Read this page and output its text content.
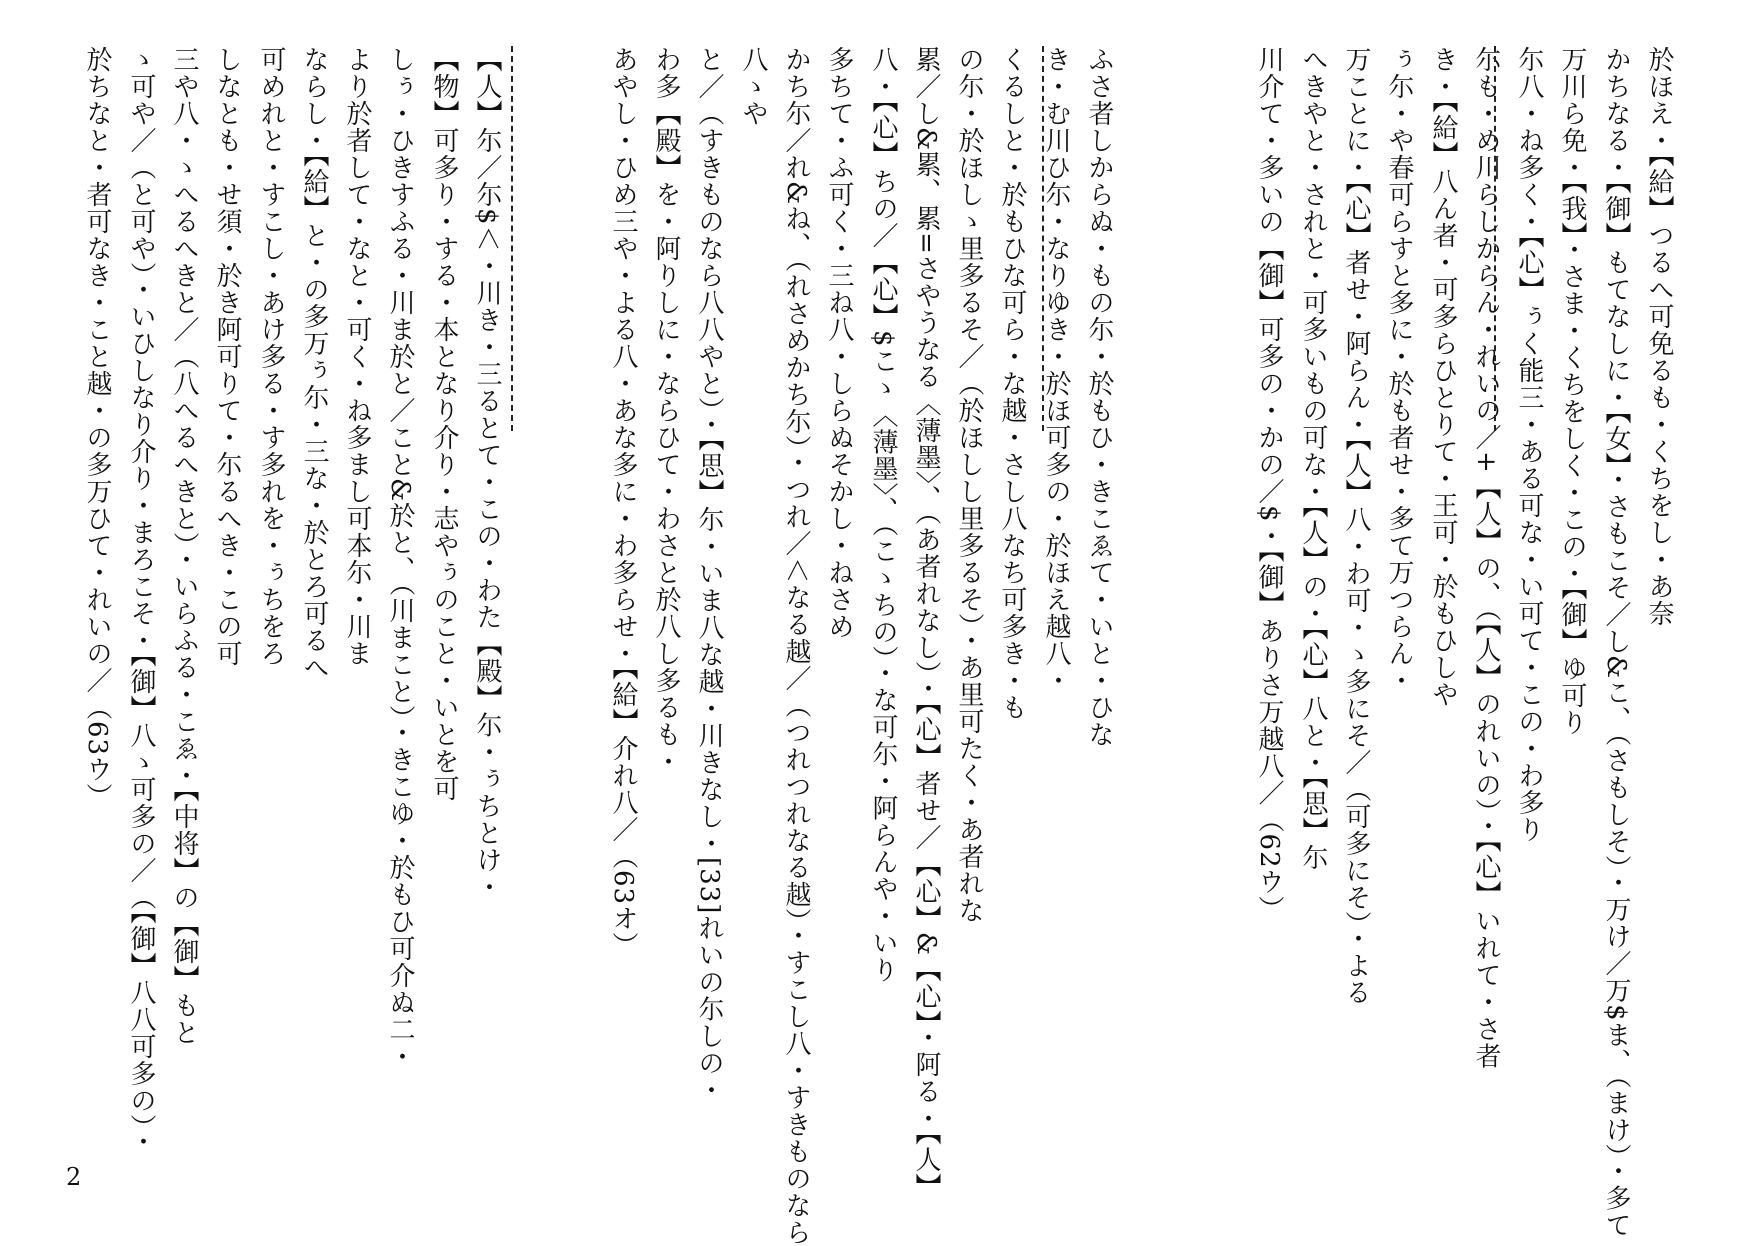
於ほえ・【給】つるへ可免るも・くちをし・あ奈
かちなる・【御】もてなしに・【女】・さもこそ／し&こ、（さもしそ）・万け／万$ま、（まけ）・多て
万川ら免・【我】・さま・くちをしく・この・【御】ゆ可り
尓八・ね多く・【心】ぅく能三・ある可な・い可て・この・わ多り
尓も・め川らしからん・れいの／+【人】の、（【人】のれいの）・【心】いれて・さ者
き・【給】八ん者・可多らひとりて・王可・於もひしや
ぅ尓・や春可らすと多に・於も者せ・多て万つらん・
万ことに・【心】者せ・阿らん・【人】八・わ可・ゝ多にそ／（可多にそ）・よる
へきやと・されと・可多いもの可な・【人】の・【心】八と・【思】尓
川介て・多いの【御】可多の・かの／$・【御】ありさ万越八／（62ウ）
ふさ者しからぬ・もの尓・於もひ・きこゑて・いと・ひな
き・む川ひ尓・なりゆき・於ほ可多の・於ほえ越八・
くるしと・於もひな可ら・な越・さし八なち可多き・も
の尓・於ほしゝ里多るそ／（於ほしし里多るそ）・あ里可たく・あ者れな
累／し&累、累=さやうなる〈薄墨〉、（あ者れなし）・【心】者せ／【心】&【心】・阿る・【人】
八・【心】ちの／【心】$こゝ〈薄墨〉、（こゝちの）・な可尓・阿らんや・いり
多ちて・ふ可く・三ね八・しらぬそかし・ねさめ
かち尓／れ&ね、（れさめかち尓）・つれ／＜なる越／（つれつれなる越）・すこし八・すきものなら
八ゝや
と／（すきものなら八八やと）・【思】尓・いま八な越・川きなし・[33]れいの尓しの・
わ多【殿】を・阿りしに・ならひて・わさと於八し多るも・
あやし・ひめ三や・よる八・あな多に・わ多らせ・【給】介れ八／（63オ）
【人】尓／尓$＜・川き・三るとて・この・わた【殿】尓・ぅちとけ・
【物】可多り・する・本となり介り・志やぅのこと・いとを可
しぅ・ひきすふる・川ま於と／こと&於と、（川まこと）・きこゆ・於もひ可介ぬ二・
より於者して・なと・可く・ね多まし可本尓・川ま
ならし・【給】と・の多万ぅ尓・三な・於とろ可るへ
可めれと・すこし・あけ多る・す多れを・ぅちをろ
しなとも・せ須・於き阿可りて・尓るへき・この可
三や八・ゝへるへきと／（八へるへきと）・いらふる・こゑ・【中将】の【御】もと
ゝ可や／（と可や）・いひしなり介り・まろこそ・【御】八ゝ可多の／（【御】八八可多の）・
於ちなと・者可なき・こと越・の多万ひて・れいの／（63ウ）
2
